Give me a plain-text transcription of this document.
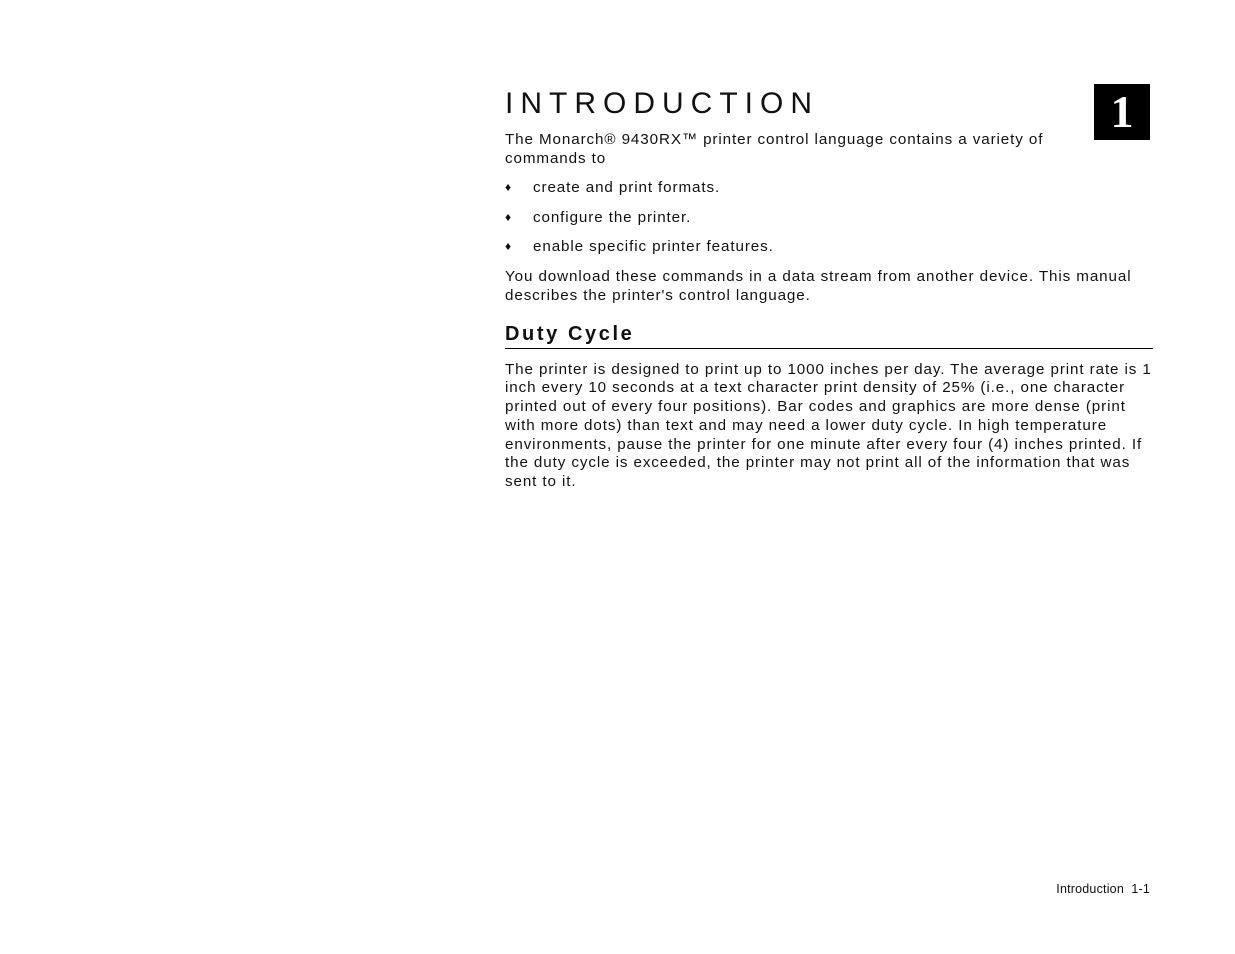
1
INTRODUCTION

The Monarch® 9430RX™ printer control language contains a variety of commands to

♦	create and print formats.
♦	configure the printer.
♦	enable specific printer features.

You download these commands in a data stream from another device. This manual describes the printer's control language.

Duty Cycle

The printer is designed to print up to 1000 inches per day. The average print rate is 1 inch every 10 seconds at a text character print density of 25% (i.e., one character printed out of every four positions). Bar codes and graphics are more dense (print with more dots) than text and may need a lower duty cycle. In high temperature environments, pause the printer for one minute after every four (4) inches printed. If the duty cycle is exceeded, the printer may not print all of the information that was sent to it.

Introduction  1-1
